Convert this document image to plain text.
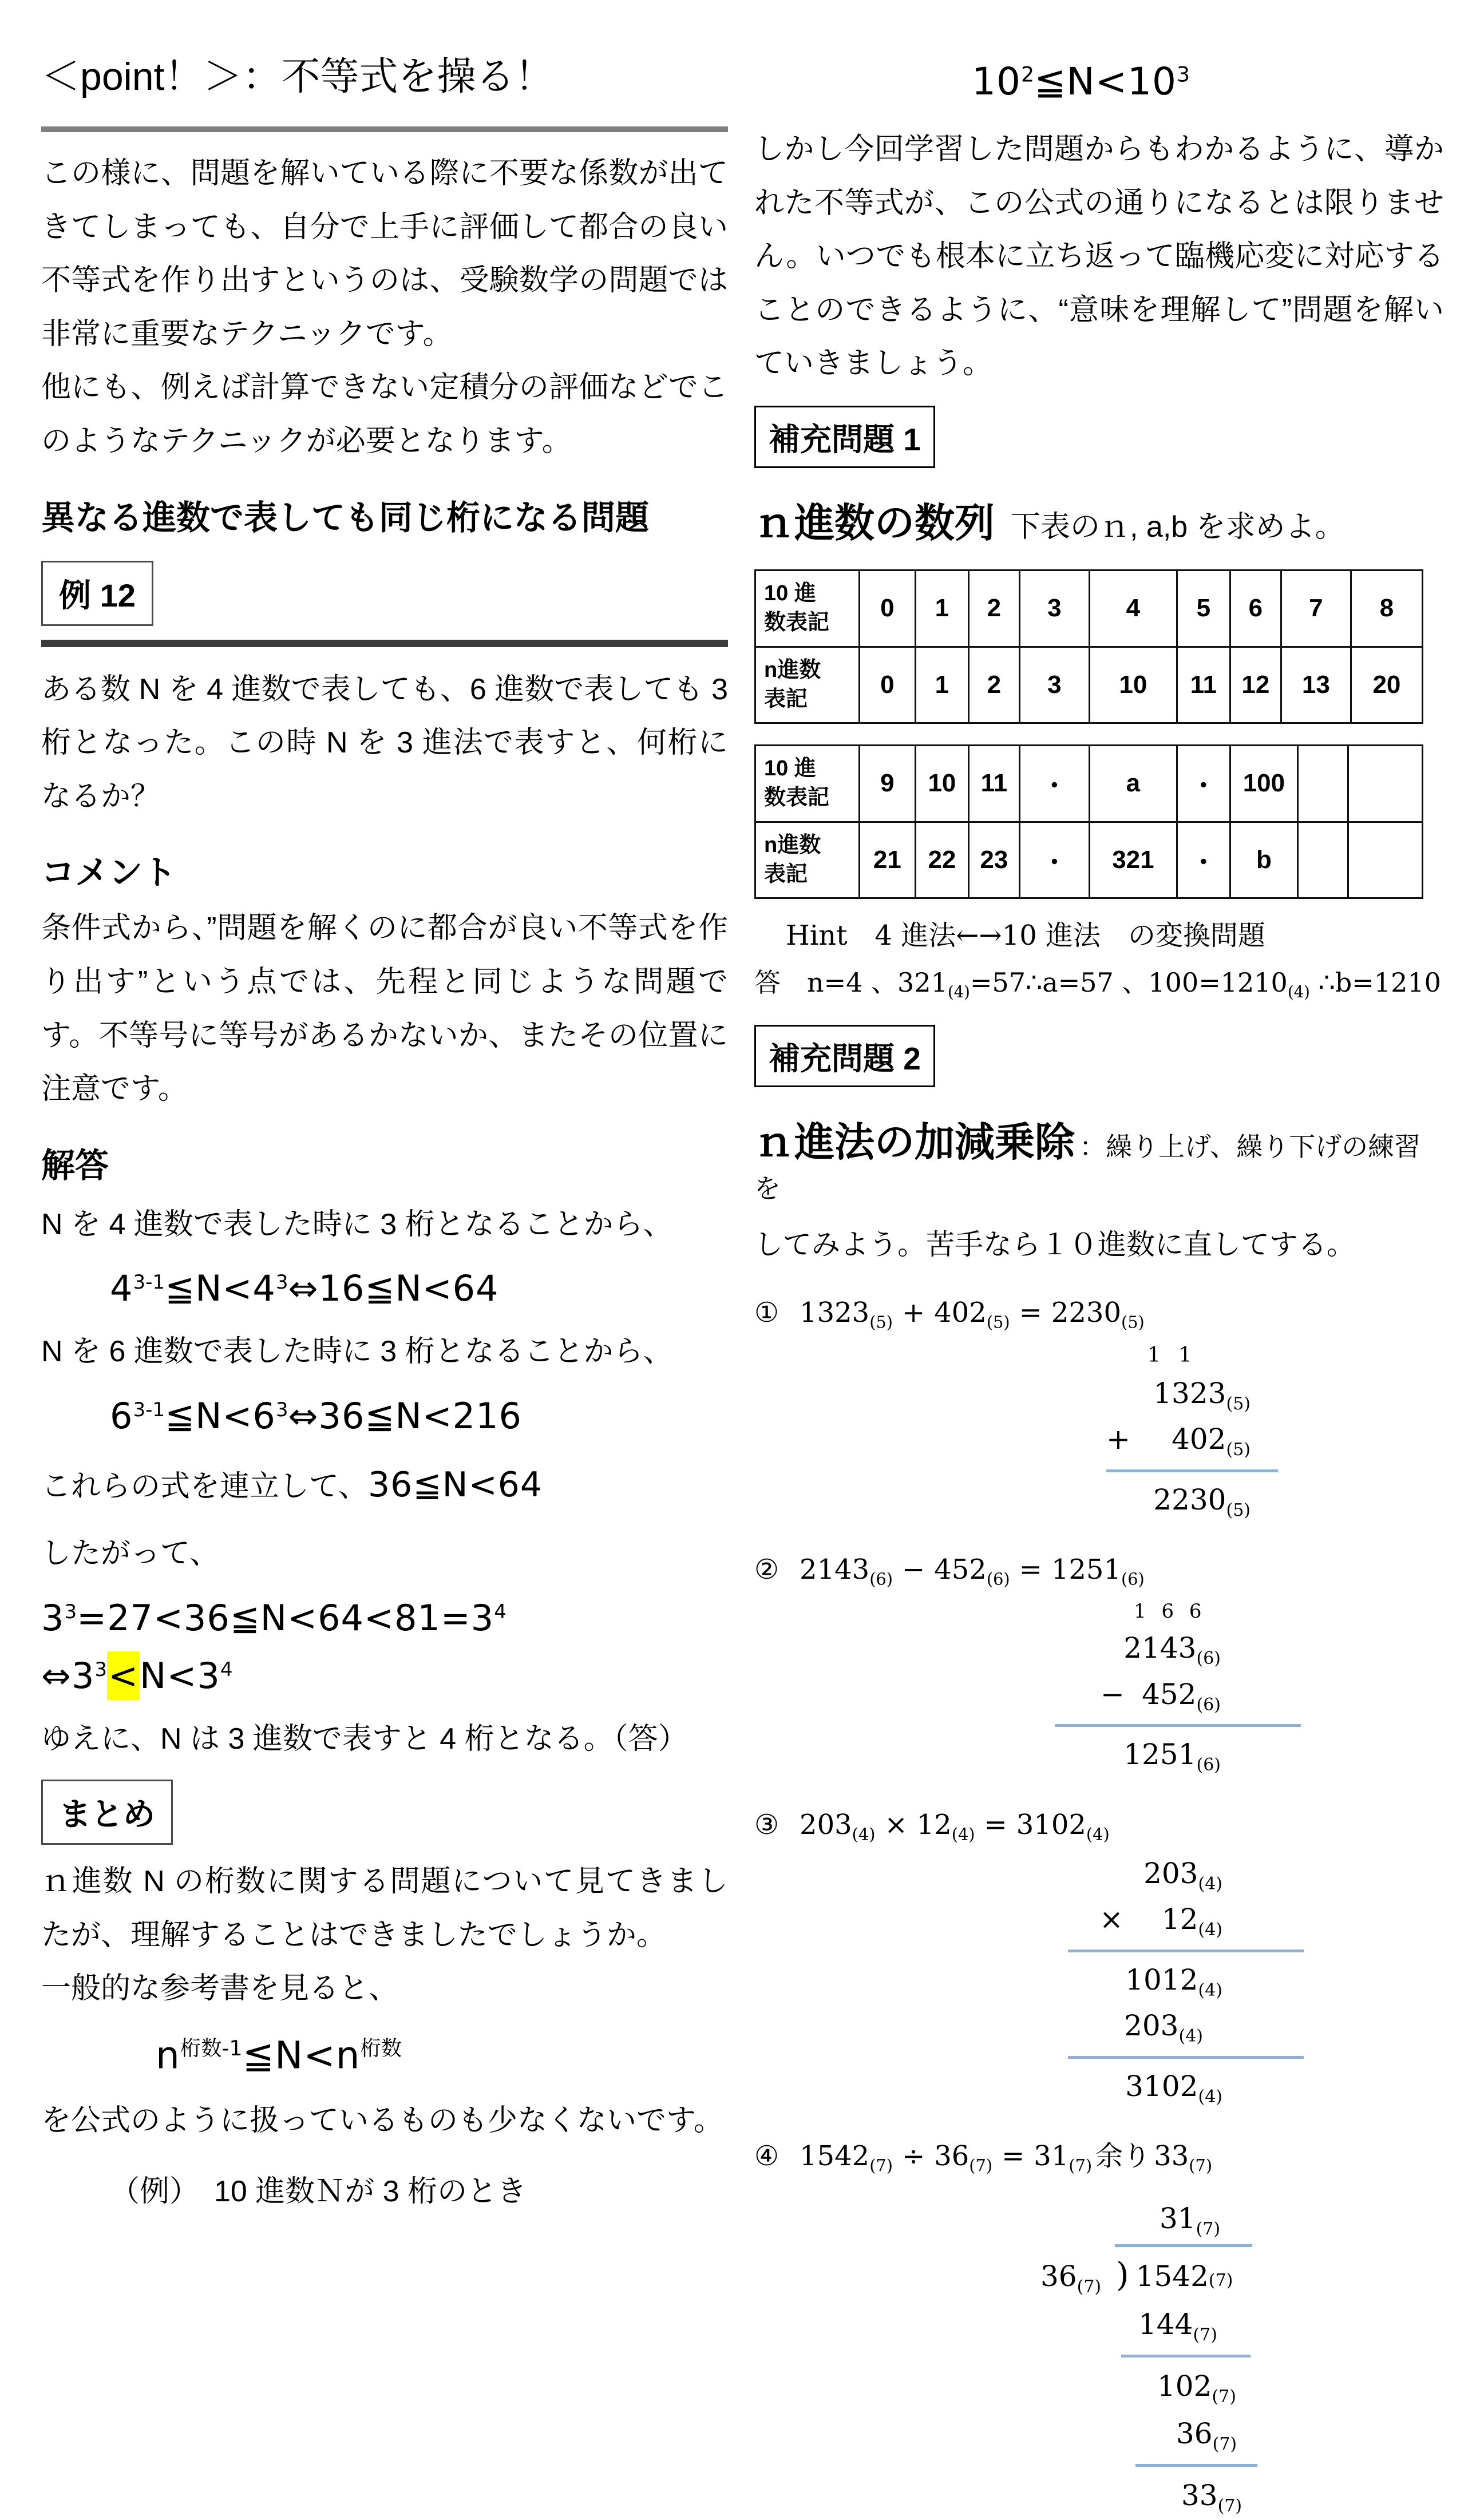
＜point！＞：不等式を操る！

この様に、問題を解いている際に不要な係数が出てきてしまっても、自分で上手に評価して都合の良い不等式を作り出すというのは、受験数学の問題では非常に重要なテクニックです。

他にも、例えば計算できない定積分の評価などでこのようなテクニックが必要となります。

異なる進数で表しても同じ桁になる問題
例 12

ある数 N を 4 進数で表しても、6 進数で表しても 3 桁となった。この時 N を 3 進法で表すと、何桁になるか？

コメント

条件式から、”問題を解くのに都合が良い不等式を作り出す”という点では、先程と同じような問題です。不等号に等号があるかないか、またその位置に注意です。

解答

N を 4 進数で表した時に 3 桁となることから、

$4^{3-1}≦N<4^3\Leftrightarrow 16≦N<64$

N を 6 進数で表した時に 3 桁となることから、

$6^{3-1}≦N<6^3\Leftrightarrow 36≦N<216$

これらの式を連立して、36≦N<64

したがって、

$3^3=27<36≦N<64<81=3^4$
$\Leftrightarrow 3^3<N<3^4$

ゆえに、N は 3 進数で表すと 4 桁となる。（答）

まとめ

ｎ進数 N の桁数に関する問題について見てきましたが、理解することはできましたでしょうか。

一般的な参考書を見ると、

$n^{桁数-1}≦N<n^{桁数}$

を公式のように扱っているものも少なくないです。

（例）　10 進数Ｎが 3 桁のとき

$10^2≦N<10^3$

しかし今回学習した問題からもわかるように、導かれた不等式が、この公式の通りになるとは限りません。いつでも根本に立ち返って臨機応変に対応することのできるように、“意味を理解して”問題を解いていきましょう。

補充問題 1
ｎ進数の数列 下表のｎ, a,b を求めよ。
10 進
数表記	0	1	2	3	4	5	6	7	8
n進数
表記	0	1	2	3	10	11	12	13	20
10 進
数表記	9	10	11	・	a	・	100		
n進数
表記	21	22	23	・	321	・	b		

Hint　4 進法←→10 進法　の変換問題

答　n=4 、$321_{(4)}=57\therefore a=57$ 、$100=1210_{(4)}$ ∴b=1210

補充問題 2
ｎ進法の加減乗除 ：繰り上げ、繰り下げの練習を

してみよう。苦手なら１０進数に直してする。

① $1323_{(5)} + 402_{(5)} = 2230_{(5)}$

1 1
$1323_{(5)}$
+	$402_{(5)}$
$2230_{(5)}$

② $2143_{(6)} - 452_{(6)} = 1251_{(6)}$

1 6 6
$2143_{(6)}$
− $452_{(6)}$
$1251_{(6)}$

③ $203_{(4)} \times 12_{(4)} = 3102_{(4)}$

$203_{(4)}$
×	$12_{(4)}$
$1012_{(4)}$
$203_{(4)}$
$3102_{(4)}$

④ $1542_{(7)} \div 36_{(7)} = 31_{(7)}$ 余り $33_{(7)}$

$31_{(7)}$
$36_{(7)}$ ) 1542 (7)
$144_{(7)}$
$102_{(7)}$
$36_{(7)}$
$33_{(7)}$
